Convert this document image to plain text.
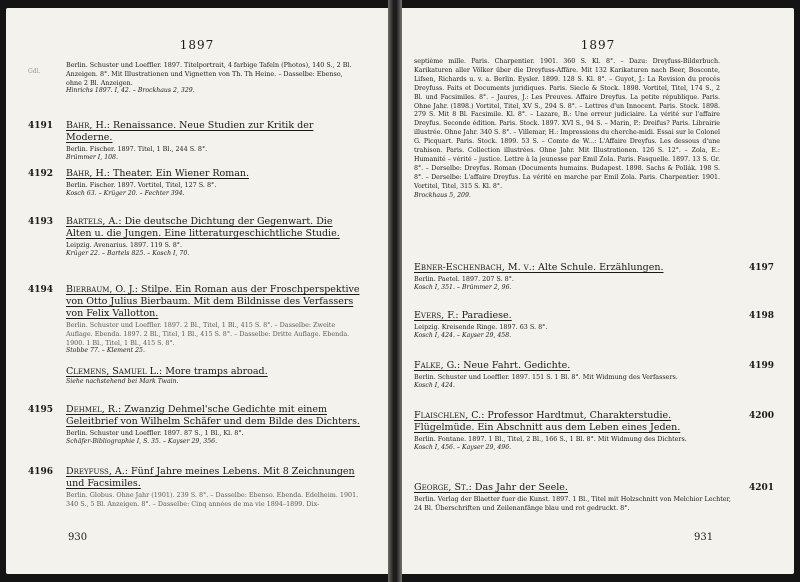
1897
Gdl.
Berlin. Schuster und Loeffler. 1897. Titelportrait, 4 farbige Tafeln (Photos), 140 S., 2 Bl. Anzeigen. 8°. Mit Illustrationen und Vignetten von Th. Th Heine. – Dasselbe: Ebenso, ohne 2 Bl. Anzeigen.
Hinrichs 1897. I, 42. – Brockhaus 2, 329.
4191 Bahr, H.: Renaissance. Neue Studien zur Kritik der Moderne.
Berlin. Fischer. 1897. Titel, 1 Bl., 244 S. 8°.
Brümmer I, 108.
4192 Bahr, H.: Theater. Ein Wiener Roman.
Berlin. Fischer. 1897. Vortitel, Titel, 127 S. 8°.
Kosch 63. – Krüger 20. – Fechter 394.
4193 Bartels, A.: Die deutsche Dichtung der Gegenwart. Die Alten u. die Jungen. Eine litteraturgeschichtliche Studie.
Leipzig. Avenarius. 1897. 119 S. 8°.
Krüger 22. – Bartels 825. – Kosch I, 70.
4194 Bierbaum, O. J.: Stilpe. Ein Roman aus der Froschperspektive von Otto Julius Bierbaum. Mit dem Bildnisse des Verfassers von Felix Vallotton.
Berlin. Schuster und Loeffler. 1897. 2 Bl., Titel, 1 Bl., 415 S. 8°. – Dasselbe: Zweite Auflage. Ebenda. 1897. 2 Bl., Titel, 1 Bl., 415 S. 8°. – Dasselbe: Dritte Auflage. Ebenda. 1900. 1 Bl., Titel, 1 Bl., 415 S. 8°.
Stobbe 77. – Klement 25.
Clemens, Samuel L.: More tramps abroad.
Siehe nachstehend bei Mark Twain.
4195 Dehmel, R.: Zwanzig Dehmel'sche Gedichte mit einem Geleitbrief von Wilhelm Schäfer und dem Bilde des Dichters.
Berlin. Schuster und Loeffler. 1897. 87 S., 1 Bl., Kl. 8°.
Schäfer-Bibliographie I, S. 35. – Kayser 29, 356.
4196 Dreyfuss, A.: Fünf Jahre meines Lebens. Mit 8 Zeichnungen und Facsimiles.
Berlin. Globus. Ohne Jahr (1901). 239 S. 8°. – Dasselbe: Ebenso. Ebenda. Edelheim. 1901. 340 S., 5 Bl. Anzeigen. 8°. – Dasselbe: Cinq années de ma vie 1894–1899. Dix-
930
1897
septième mille. Paris. Charpentier. 1901. 360 S. Kl. 8°. – Dazu: Dreyfuss-Bilderbuch. Karikaturen aller Völker über die Dreyfuss-Affäre. Mit 132 Karikaturen nach Beer, Bosconte, Lifsen, Richards u. v. a. Berlin. Eysler. 1899. 128 S. Kl. 8°. – Guyot, J.: La Revision du procès Dreyfuss. Faits et Documents juridiques. Paris. Siecle & Stock. 1898. Vortitel, Titel, 174 S., 2 Bl. und Facsimiles. 8°. – Jaures, J.: Les Preuves. Affaire Dreyfus. La petite république. Paris. Ohne Jahr. (1898.) Vortitel, Titel, XV S., 294 S. 8°. – Lettres d'un Innocent. Paris. Stock. 1898. 279 S. Mit 8 Bl. Facsimile. Kl. 8°. – Lazare, B.: Une erreur judiciaire. La vérité sur l'affaire Dreyfus. Seconde édition. Paris. Stock. 1897. XVI S., 94 S. – Marin, P.: Dreifus? Paris. Librairie illustrée. Ohne Jahr. 340 S. 8°. – Villemar, H.: Impressions du cherche-midi. Essai sur le Colonel G. Picquart. Paris. Stock. 1899. 53 S. – Comte de W...: L'Affaire Dreyfus. Les dessous d'une trahison. Paris. Collection illustrées. Ohne Jahr. Mit Illustrationen. 126 S. 12°. – Zola, E.: Humanité – vérité – justice. Lettre à la jeunesse par Emil Zola. Paris. Fasquelle. 1897. 13 S. Gr. 8°. – Derselbe: Dreyfus. Roman (Documents humains. Budapest. 1898. Sachs & Pollák. 198 S. 8°. – Derselbe: L'affaire Dreyfus. La vérité en marche par Emil Zola. Paris. Charpentier. 1901. Vortitel, Titel, 315 S. Kl. 8°.
Brockhaus 5, 209.
4197
Ebner-Eschenbach, M. v.: Alte Schule. Erzählungen.
Berlin. Paetel. 1897. 207 S. 8°.
Kosch I, 351. – Brümmer 2, 96.
4198
Evers, F.: Paradiese.
Leipzig. Kreisende Ringe. 1897. 63 S. 8°.
Kosch I, 424. – Kayser 29, 458.
4199
Falke, G.: Neue Fahrt. Gedichte.
Berlin. Schuster und Loeffler. 1897. 151 S. 1 Bl. 8°. Mit Widmung des Verfassers.
Kosch I, 424.
4200
Flaischlen, C.: Professor Hardtmut, Charakterstudie. Flügelmüde. Ein Abschnitt aus dem Leben eines Jeden.
Berlin. Fontane. 1897. 1 Bl., Titel, 2 Bl., 166 S., 1 Bl. 8°. Mit Widmung des Dichters.
Kosch I, 456. – Kayser 29, 496.
4201
George, St.: Das Jahr der Seele.
Berlin. Verlag der Blaetter fuer die Kunst. 1897. 1 Bl., Titel mit Holzschnitt von Melchior Lechter, 24 Bl. Überschriften und Zeilenanfänge blau und rot gedruckt. 8°.
931
